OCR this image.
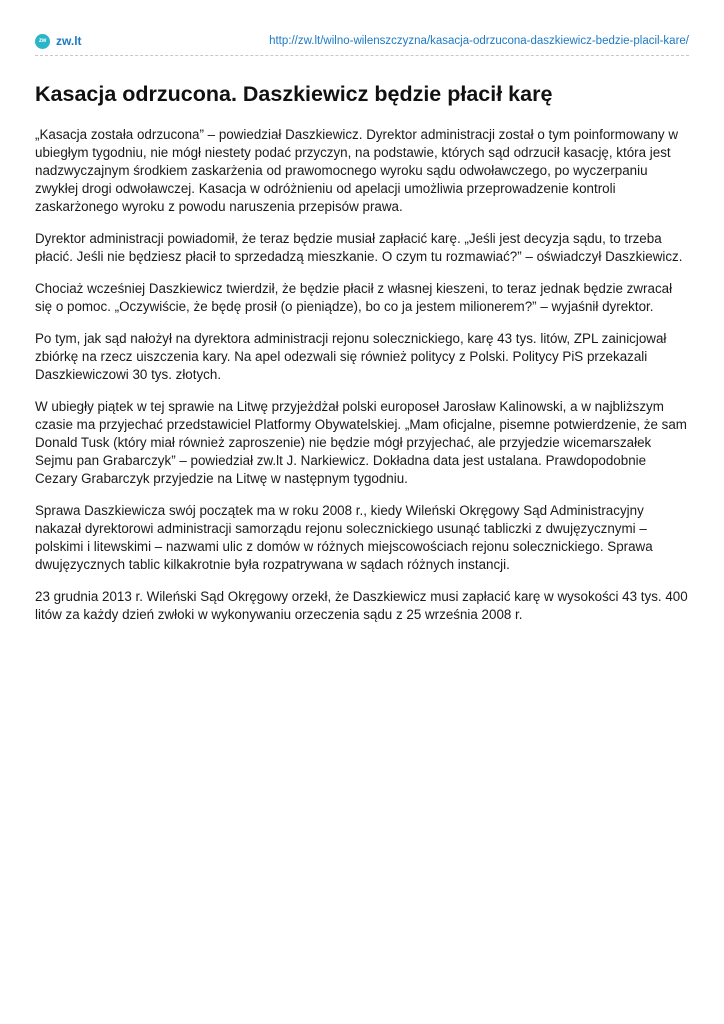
zw zw.lt	http://zw.lt/wilno-wilenszczyzna/kasacja-odrzucona-daszkiewicz-bedzie-placil-kare/
Kasacja odrzucona. Daszkiewicz będzie płacił karę

„Kasacja została odrzucona” – powiedział Daszkiewicz. Dyrektor administracji został o tym poinformowany w ubiegłym tygodniu, nie mógł niestety podać przyczyn, na podstawie, których sąd odrzucił kasację, która jest nadzwyczajnym środkiem zaskarżenia od prawomocnego wyroku sądu odwoławczego, po wyczerpaniu zwykłej drogi odwoławczej. Kasacja w odróżnieniu od apelacji umożliwia przeprowadzenie kontroli zaskarżonego wyroku z powodu naruszenia przepisów prawa.

Dyrektor administracji powiadomił, że teraz będzie musiał zapłacić karę. „Jeśli jest decyzja sądu, to trzeba płacić. Jeśli nie będziesz płacił to sprzedadzą mieszkanie. O czym tu rozmawiać?” – oświadczył Daszkiewicz.

Chociaż wcześniej Daszkiewicz twierdził, że będzie płacił z własnej kieszeni, to teraz jednak będzie zwracał się o pomoc. „Oczywiście, że będę prosił (o pieniądze), bo co ja jestem milionerem?” – wyjaśnił dyrektor.

Po tym, jak sąd nałożył na dyrektora administracji rejonu solecznickiego, karę 43 tys. litów, ZPL zainicjował zbiórkę na rzecz uiszczenia kary. Na apel odezwali się również politycy z Polski. Politycy PiS przekazali Daszkiewiczowi 30 tys. złotych.

W ubiegły piątek w tej sprawie na Litwę przyjeżdżał polski europoseł Jarosław Kalinowski, a w najbliższym czasie ma przyjechać przedstawiciel Platformy Obywatelskiej. „Mam oficjalne, pisemne potwierdzenie, że sam Donald Tusk (który miał również zaproszenie) nie będzie mógł przyjechać, ale przyjedzie wicemarszałek Sejmu pan Grabarczyk” – powiedział zw.lt J. Narkiewicz. Dokładna data jest ustalana. Prawdopodobnie Cezary Grabarczyk przyjedzie na Litwę w następnym tygodniu.

Sprawa Daszkiewicza swój początek ma w roku 2008 r., kiedy Wileński Okręgowy Sąd Administracyjny nakazał dyrektorowi administracji samorządu rejonu solecznickiego usunąć tabliczki z dwujęzycznymi – polskimi i litewskimi – nazwami ulic z domów w różnych miejscowościach rejonu solecznickiego. Sprawa dwujęzycznych tablic kilkakrotnie była rozpatrywana w sądach różnych instancji.

23 grudnia 2013 r. Wileński Sąd Okręgowy orzekł, że Daszkiewicz musi zapłacić karę w wysokości 43 tys. 400 litów za każdy dzień zwłoki w wykonywaniu orzeczenia sądu z 25 września 2008 r.
